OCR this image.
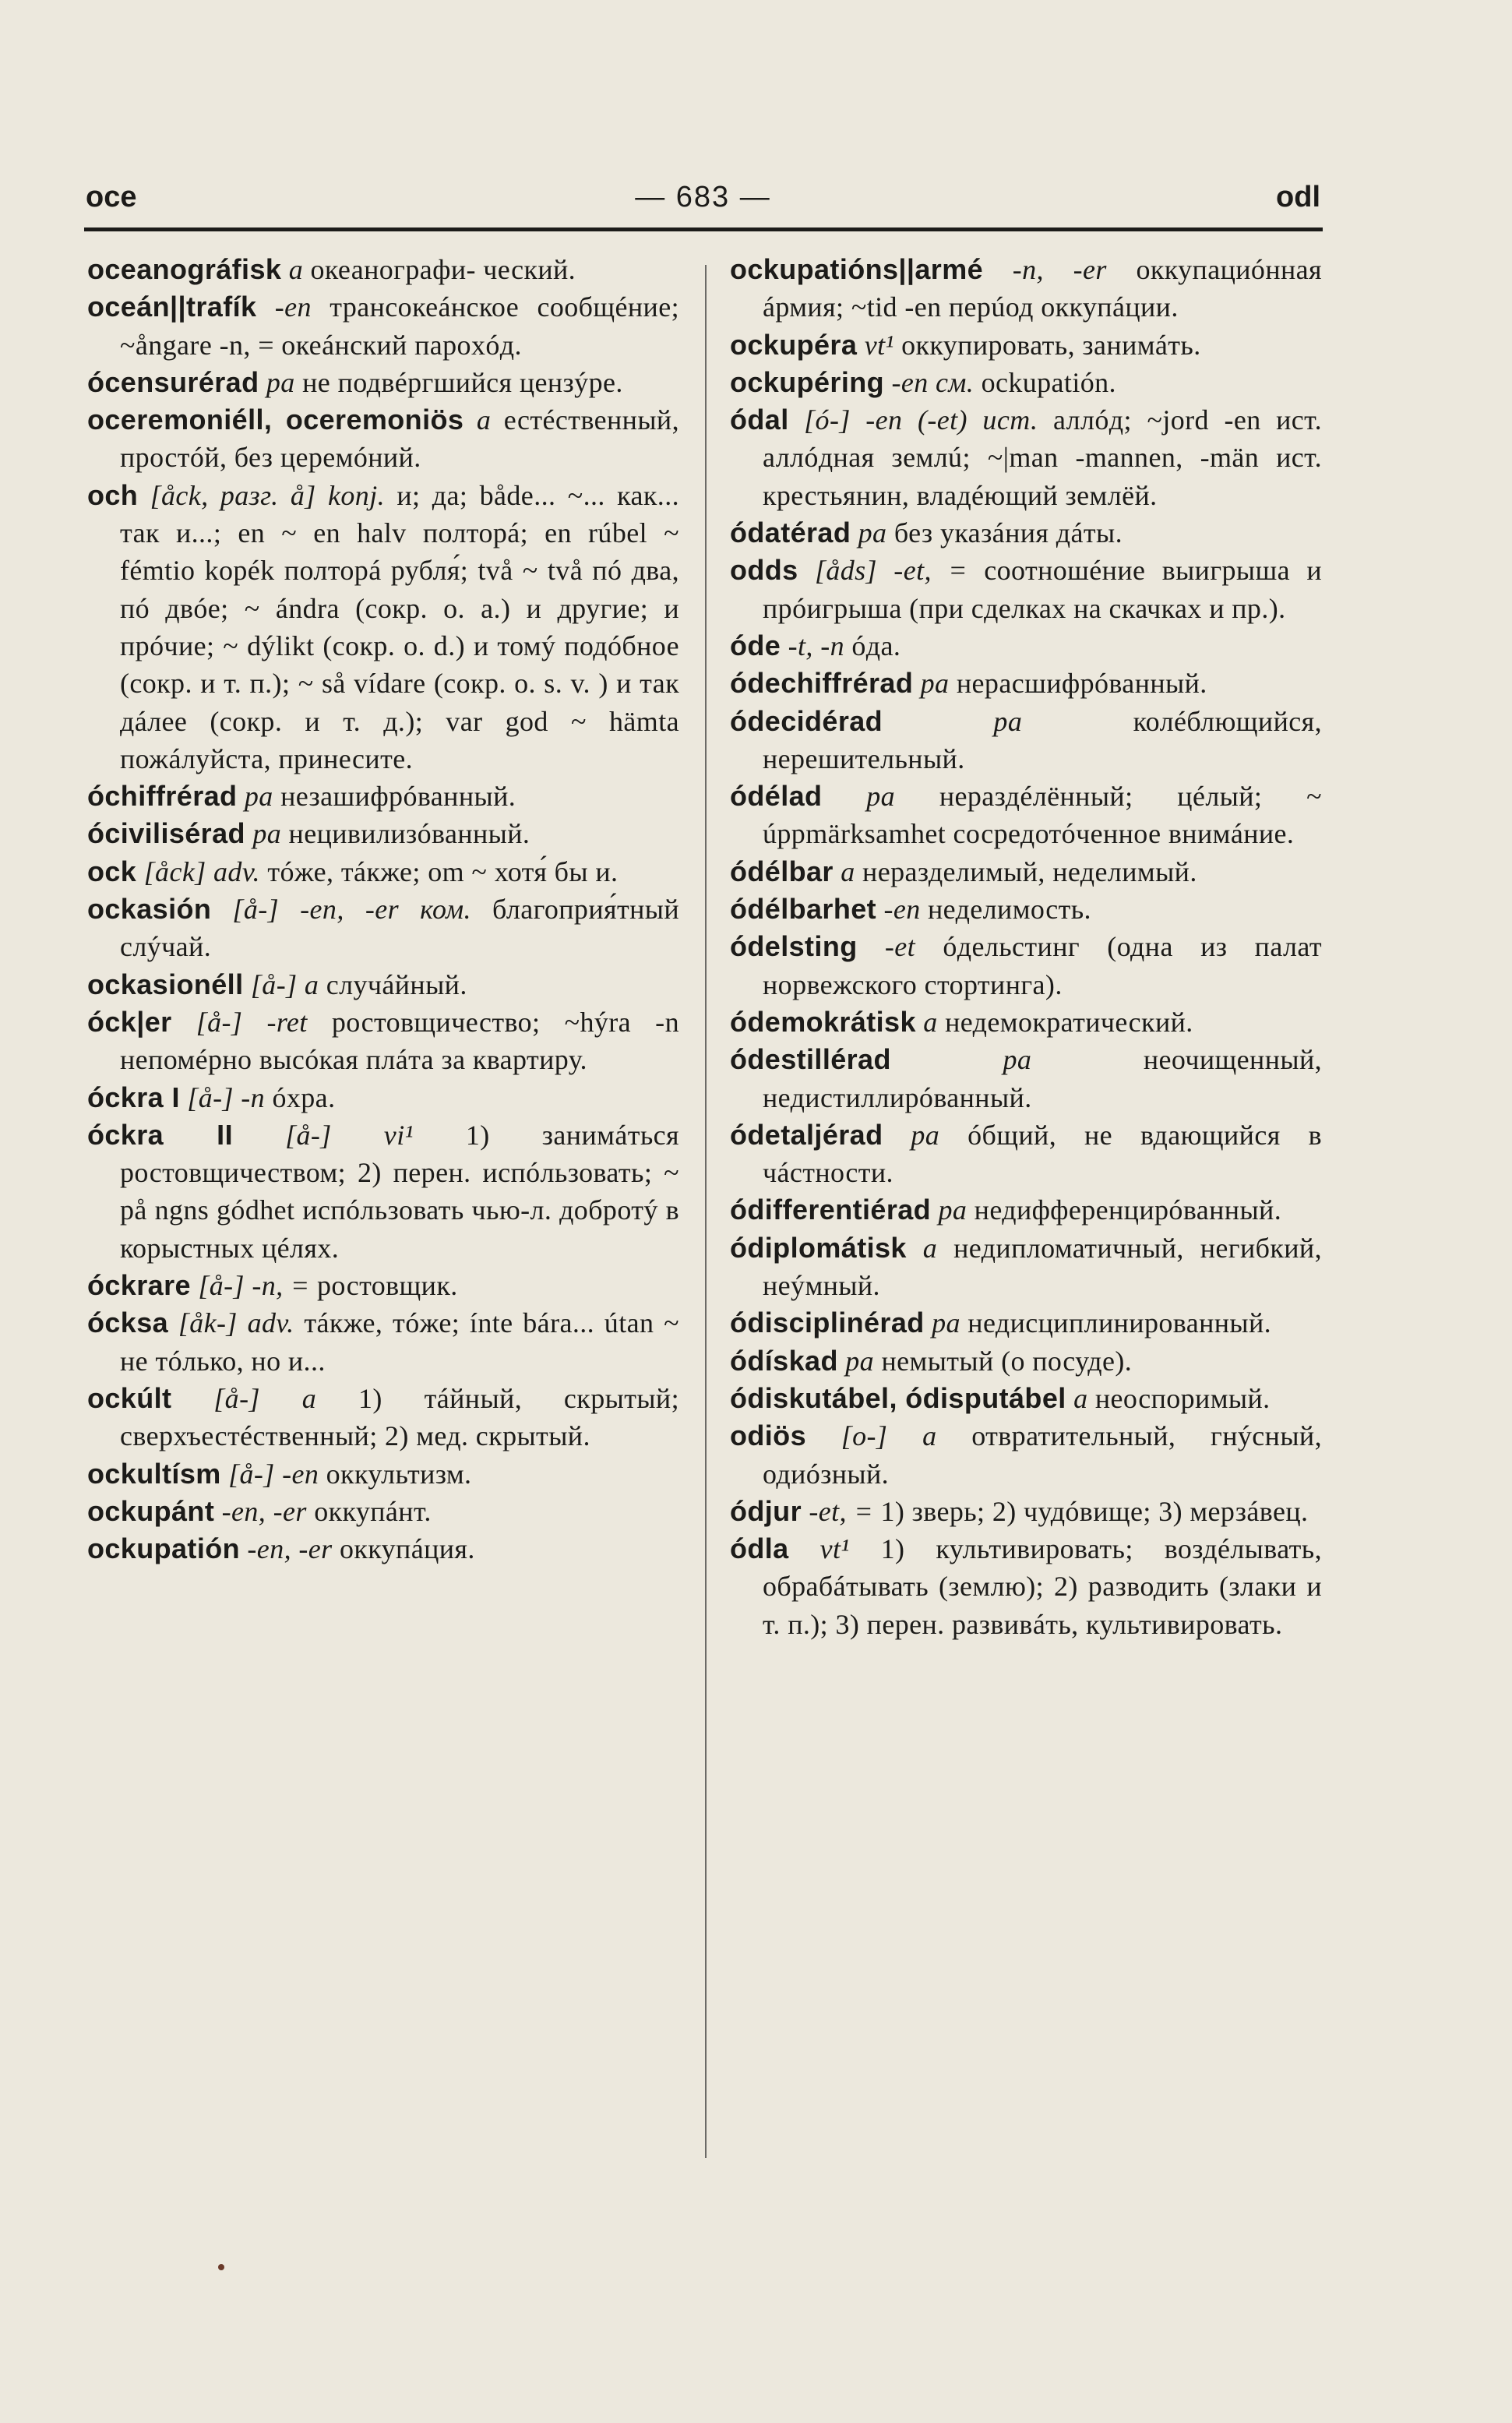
oce	— 683 —	odl

oceanográfisk a океанографи- ческий.

oceán||trafík -en трансокеáнское сообщéние; ~ångare -n, = океáнский пароxóд.

ócensurérad pa не подвéргшийся цензýре.

oceremoniéll, oceremoniös a естéственный, простóй, без церемóний.

och [åck, разг. å] konj. и; да; både... ~... как... так и...; en ~ en halv полторá; en rúbel ~ fémtio kopék полторá рубля́; två ~ två пó два, пó двóе; ~ ándra (сокр. o. a.) и другие; и прóчие; ~ dýlikt (сокр. o. d.) и томý подóбное (сокр. и т. п.); ~ så vídare (сокр. o. s. v. ) и так дáлее (сокр. и т. д.); var god ~ hämta пожáлуйста, принесите.

óchiffrérad pa незашифрóванный.

ócivilisérad pa нецивилизóванный.

ock [åck] adv. тóже, тáкже; om ~ хотя́ бы и.

ockasión [å-] -en, -er ком. благоприя́тный слýчай.

ockasionéll [å-] a случáйный.

óck|er [å-] -ret ростовщичество; ~hýra -n непомéрно высóкая плáта за квартиру.

óckra I [å-] -n óхра.

óckra II [å-] vi¹ 1) занимáться ростовщичеством; 2) перен. испóльзовать; ~ på ngns gódhet испóльзовать чью-л. добротý в корыстных цéлях.

óckrare [å-] -n, = ростовщик.

ócksa [åk-] adv. тáкже, тóже; ínte bára... útan ~ не тóлько, но и...

ockúlt [å-] a 1) тáйный, скрытый; сверхъестéственный; 2) мед. скрытый.

ockultísm [å-] -en оккультизм.

ockupánt -en, -er оккупáнт.

ockupatión -en, -er оккупáция.

ockupatións||armé -n, -er оккупациóнная áрмия; ~tid -en перúод оккупáции.

ockupéra vt¹ оккупировать, занимáть.

ockupéring -en см. ockupatión.

ódal [ó-] -en (-et) ист. аллóд; ~jord -en ист. аллóдная землú; ~|man -mannen, -män ист. крестьянин, владéющий землёй.

ódatérad pa без указáния дáты.

odds [åds] -et, = соотношéние выигрыша и прóигрыша (при сделках на скачках и пр.).

óde -t, -n óда.

ódechiffrérad pa нерасшифрóванный.

ódecidérad	pa	колéблющийся, нерешительный.

ódélad pa нераздéлённый; цéлый; ~ úppmärksamhet сосредотóченное внимáние.

ódélbar a неразделимый, неделимый.

ódélbarhet -en неделимость.

ódelsting -et óдельстинг (одна из палат норвежского стортинга).

ódemokrátisk a недемократический.

ódestillérad	pa	неочищенный, недистиллирóванный.

ódetaljérad pa óбщий, не вдающийся в чáстности.

ódifferentiérad pa недифференцирóванный.

ódiplomátisk a недипломатичный, негибкий, неýмный.

ódisciplinérad pa недисциплинированный.

ódískad pa немытый (о посуде).

ódiskutábel, ódisputábel a неоспоримый.

odiös [o-] a отвратительный, гнýсный, одиóзный.

ódjur -et, = 1) зверь; 2) чудóвище; 3) мерзáвец.

ódla vt¹ 1) культивировать; воздéлывать, обрабáтывать (землю); 2) разводить (злаки и т. п.); 3) перен. развивáть, культивировать.
